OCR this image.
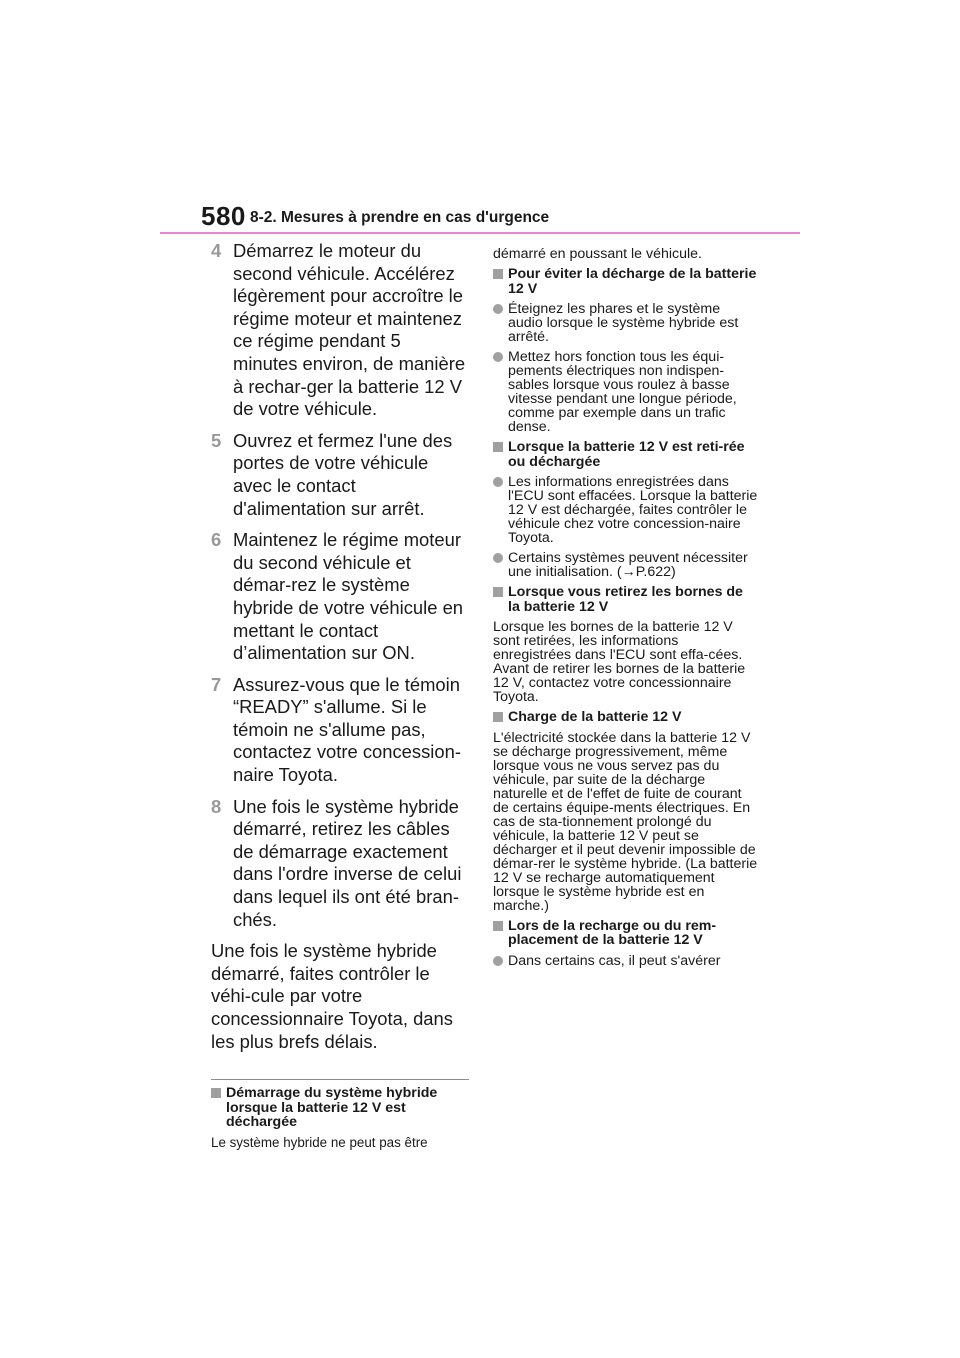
580 8-2. Mesures à prendre en cas d'urgence
4 Démarrez le moteur du second véhicule. Accélérez légèrement pour accroître le régime moteur et maintenez ce régime pendant 5 minutes environ, de manière à rechar-ger la batterie 12 V de votre véhicule.
5 Ouvrez et fermez l'une des portes de votre véhicule avec le contact d'alimentation sur arrêt.
6 Maintenez le régime moteur du second véhicule et démar-rez le système hybride de votre véhicule en mettant le contact d’alimentation sur ON.
7 Assurez-vous que le témoin “READY” s'allume. Si le témoin ne s'allume pas, contactez votre concession-naire Toyota.
8 Une fois le système hybride démarré, retirez les câbles de démarrage exactement dans l'ordre inverse de celui dans lequel ils ont été bran-chés.
Une fois le système hybride démarré, faites contrôler le véhi-cule par votre concessionnaire Toyota, dans les plus brefs délais.
Démarrage du système hybride lorsque la batterie 12 V est déchargée
Le système hybride ne peut pas être
démarré en poussant le véhicule.
Pour éviter la décharge de la batterie 12 V
Éteignez les phares et le système audio lorsque le système hybride est arrêté.
Mettez hors fonction tous les équi-pements électriques non indispen-sables lorsque vous roulez à basse vitesse pendant une longue période, comme par exemple dans un trafic dense.
Lorsque la batterie 12 V est reti-rée ou déchargée
Les informations enregistrées dans l'ECU sont effacées. Lorsque la batterie 12 V est déchargée, faites contrôler le véhicule chez votre concession-naire Toyota.
Certains systèmes peuvent nécessiter une initialisation. (→P.622)
Lorsque vous retirez les bornes de la batterie 12 V
Lorsque les bornes de la batterie 12 V sont retirées, les informations enregistrées dans l'ECU sont effa-cées. Avant de retirer les bornes de la batterie 12 V, contactez votre concessionnaire Toyota.
Charge de la batterie 12 V
L'électricité stockée dans la batterie 12 V se décharge progressivement, même lorsque vous ne vous servez pas du véhicule, par suite de la décharge naturelle et de l'effet de fuite de courant de certains équipe-ments électriques. En cas de sta-tionnement prolongé du véhicule, la batterie 12 V peut se décharger et il peut devenir impossible de démar-rer le système hybride. (La batterie 12 V se recharge automatiquement lorsque le système hybride est en marche.)
Lors de la recharge ou du rem-placement de la batterie 12 V
Dans certains cas, il peut s'avérer
